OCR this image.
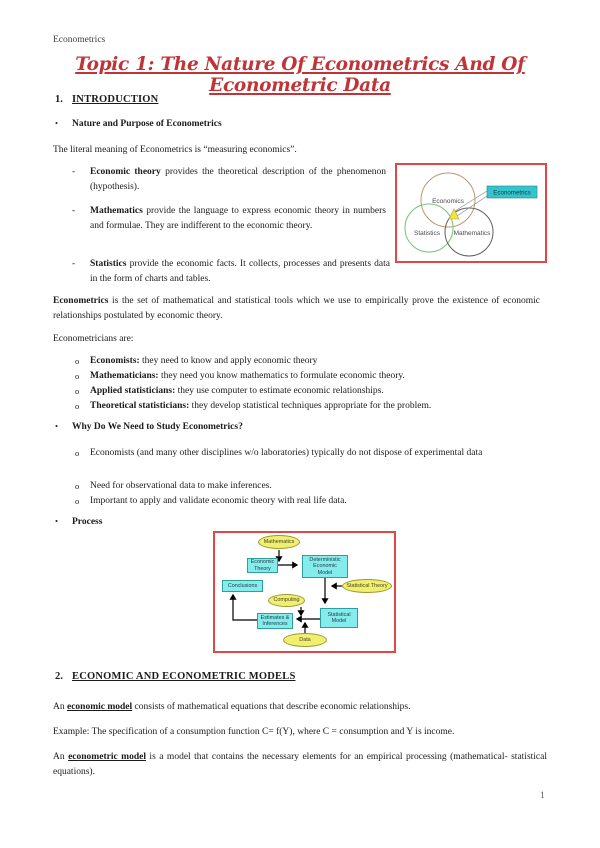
Econometrics
Topic 1: The Nature Of Econometrics And Of Econometric Data
1. INTRODUCTION
• Nature and Purpose of Econometrics
The literal meaning of Econometrics is “measuring economics”.
- Economic theory provides the theoretical description of the phenomenon (hypothesis).
- Mathematics provide the language to express economic theory in numbers and formulae. They are indifferent to the economic theory.
- Statistics provide the economic facts. It collects, processes and presents data in the form of charts and tables.
Economics
Statistics Mathematics
Econometrics
Econometrics is the set of mathematical and statistical tools which we use to empirically prove the existence of economic relationships postulated by economic theory.
Econometricians are:
o Economists: they need to know and apply economic theory
o Mathematicians: they need you know mathematics to formulate economic theory.
o Applied statisticians: they use computer to estimate economic relationships.
o Theoretical statisticians: they develop statistical techniques appropriate for the problem.
• Why Do We Need to Study Econometrics?
o Economists (and many other disciplines w/o laboratories) typically do not dispose of experimental data
o Need for observational data to make inferences.
o Important to apply and validate economic theory with real life data.
• Process
Mathematics
Economic
Theory
Deterministic
Economic
Model
Statistical Theory
Conclusions
Computing
Estimates &
Inferences
Statistical
Model
Data
2. ECONOMIC AND ECONOMETRIC MODELS
An economic model consists of mathematical equations that describe economic relationships.
Example: The specification of a consumption function C= f(Y), where C = consumption and Y is income.
An econometric model is a model that contains the necessary elements for an empirical processing (mathematical- statistical equations).
1
